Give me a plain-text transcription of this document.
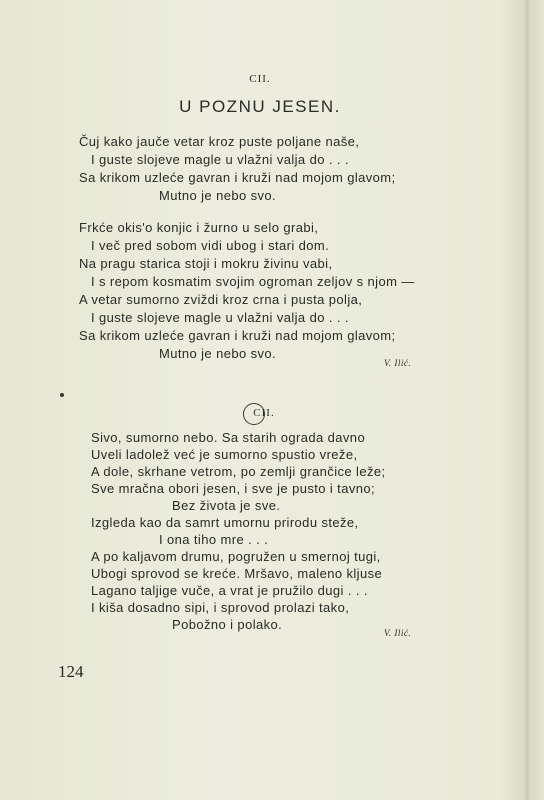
CII.
U POZNU JESEN.
Čuj kako jauče vetar kroz puste poljane naše,
I guste slojeve magle u vlažni valja do . . .
Sa krikom uzleće gavran i kruži nad mojom glavom;
Mutno je nebo svo.
Frkće okis'o konjic i žurno u selo grabi,
I več pred sobom vidi ubog i stari dom.
Na pragu starica stoji i mokru živinu vabi,
I s repom kosmatim svojim ogroman zeljov s njom —
A vetar sumorno zviždi kroz crna i pusta polja,
I guste slojeve magle u vlažni valja do . . .
Sa krikom uzleće gavran i kruži nad mojom glavom;
Mutno je nebo svo.
V. Ilić.
CII.
Sivo, sumorno nebo. Sa starih ograda davno
Uveli ladolež već je sumorno spustio vreže,
A dole, skrhane vetrom, po zemlji grančice leže;
Sve mračna obori jesen, i sve je pusto i tavno;
Bez života je sve.
Izgleda kao da samrt umornu prirodu steže,
I ona tiho mre . . .
A po kaljavom drumu, pogružen u smernoj tugi,
Ubogi sprovod se kreće. Mršavo, maleno kljuse
Lagano taljige vuče, a vrat je pružilo dugi . . .
I kiša dosadno sipi, i sprovod prolazi tako,
Pobožno i polako.
V. Ilić.
124
